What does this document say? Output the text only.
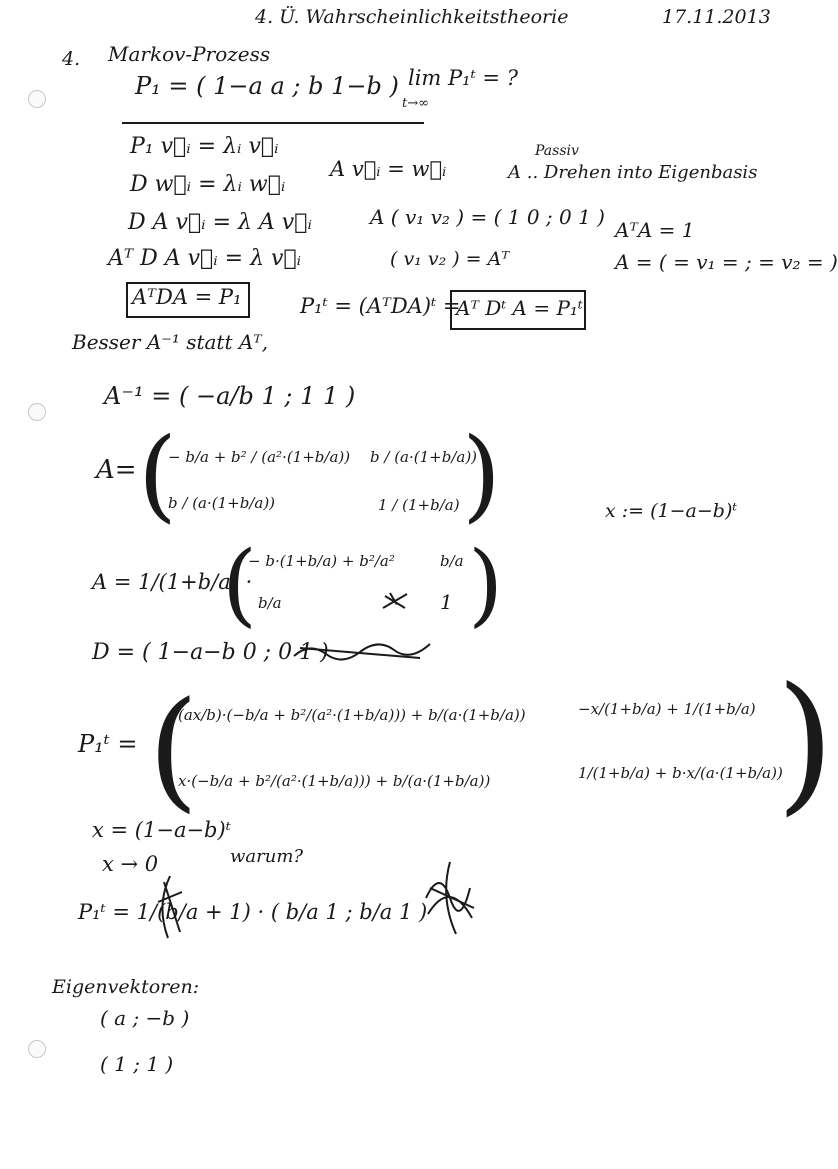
4. Ü. Wahrscheinlichkeitstheorie	17.11.2013
4. Markov-Prozess
P₁ = ( 1−a a ; b 1−b ) lim P₁ᵗ = ?
t→∞
P₁ v⃗ᵢ = λᵢ v⃗ᵢ
D w⃗ᵢ = λᵢ w⃗ᵢ
D A v⃗ᵢ = λ A v⃗ᵢ
Aᵀ D A v⃗ᵢ = λ v⃗ᵢ
AᵀDA = P₁
A v⃗ᵢ = w⃗ᵢ
Passiv
A .. Drehen into Eigenbasis
A ( v₁ v₂ ) = ( 1 0 ; 0 1 )
( v₁ v₂ ) = Aᵀ
AᵀA = 1
A = ( = v₁ = ; = v₂ = )
P₁ᵗ = (AᵀDA)ᵗ =
Aᵀ Dᵗ A = P₁ᵗ
Besser A⁻¹ statt Aᵀ,
A⁻¹ = ( −a/b 1 ; 1 1 )
A= (
− b/a + b² / (a²·(1+b/a)) b / (a·(1+b/a))
b / (a·(1+b/a))	1 / (1+b/a) )	x := (1−a−b)ᵗ
A = 1/(1+b/a) ·
(
− b·(1+b/a) + b²/a²	b/a
b/a	1 )
D = ( 1−a−b 0 ; 0 1 )
P₁ᵗ = (
(ax/b)·(−b/a + b²/(a²·(1+b/a))) + b/(a·(1+b/a))	−x/(1+b/a) + 1/(1+b/a)
x·(−b/a + b²/(a²·(1+b/a))) + b/(a·(1+b/a))	1/(1+b/a) + b·x/(a·(1+b/a))
)
x = (1−a−b)ᵗ
x → 0	warum?
P₁ᵗ = 1/(b/a + 1) · ( b/a 1 ; b/a 1 )
Eigenvektoren:
( a ; −b )
( 1 ; 1 )
